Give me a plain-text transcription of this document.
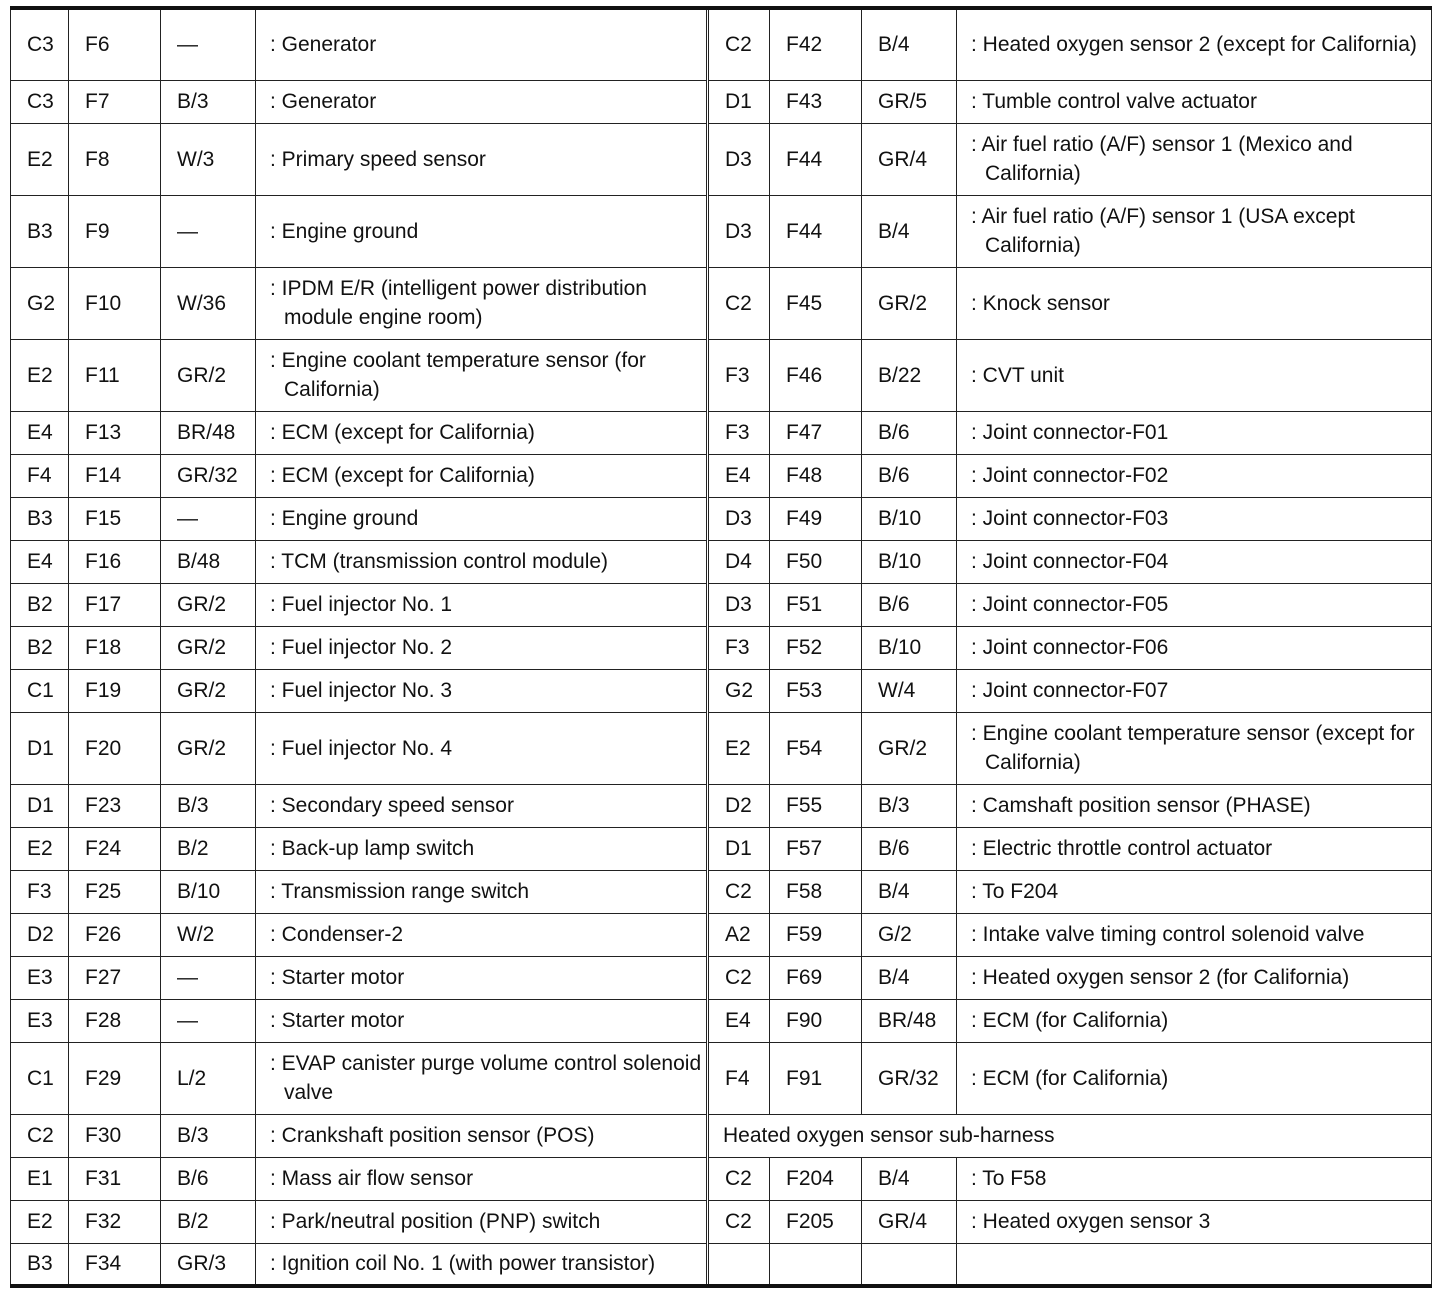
C3	F6	—	: Generator	C2	F42	B/4	: Heated oxygen sensor 2 (except for California)

C3	F7	B/3	: Generator	D1	F43	GR/5	: Tumble control valve actuator

E2	F8	W/3	: Primary speed sensor	D3	F44	GR/4	: Air fuel ratio (A/F) sensor 1 (Mexico and California)

B3	F9	—	: Engine ground	D3	F44	B/4	: Air fuel ratio (A/F) sensor 1 (USA except California)

G2	F10	W/36	: IPDM E/R (intelligent power distribution module engine room)	C2	F45	GR/2	: Knock sensor

E2	F11	GR/2	: Engine coolant temperature sensor (for California)	F3	F46	B/22	: CVT unit

E4	F13	BR/48	: ECM (except for California)	F3	F47	B/6	: Joint connector-F01

F4	F14	GR/32	: ECM (except for California)	E4	F48	B/6	: Joint connector-F02

B3	F15	—	: Engine ground	D3	F49	B/10	: Joint connector-F03

E4	F16	B/48	: TCM (transmission control module)	D4	F50	B/10	: Joint connector-F04

B2	F17	GR/2	: Fuel injector No. 1	D3	F51	B/6	: Joint connector-F05

B2	F18	GR/2	: Fuel injector No. 2	F3	F52	B/10	: Joint connector-F06

C1	F19	GR/2	: Fuel injector No. 3	G2	F53	W/4	: Joint connector-F07

D1	F20	GR/2	: Fuel injector No. 4	E2	F54	GR/2	: Engine coolant temperature sensor (except for California)

D1	F23	B/3	: Secondary speed sensor	D2	F55	B/3	: Camshaft position sensor (PHASE)

E2	F24	B/2	: Back-up lamp switch	D1	F57	B/6	: Electric throttle control actuator

F3	F25	B/10	: Transmission range switch	C2	F58	B/4	: To F204

D2	F26	W/2	: Condenser-2	A2	F59	G/2	: Intake valve timing control solenoid valve

E3	F27	—	: Starter motor	C2	F69	B/4	: Heated oxygen sensor 2 (for California)

E3	F28	—	: Starter motor	E4	F90	BR/48	: ECM (for California)

C1	F29	L/2	: EVAP canister purge volume control solenoid valve	F4	F91	GR/32	: ECM (for California)

C2	F30	B/3	: Crankshaft position sensor (POS)	Heated oxygen sensor sub-harness			
E1	F31	B/6	: Mass air flow sensor	C2	F204	B/4	: To F58

E2	F32	B/2	: Park/neutral position (PNP) switch	C2	F205	GR/4	: Heated oxygen sensor 3

B3	F34	GR/3	: Ignition coil No. 1 (with power transistor)				
